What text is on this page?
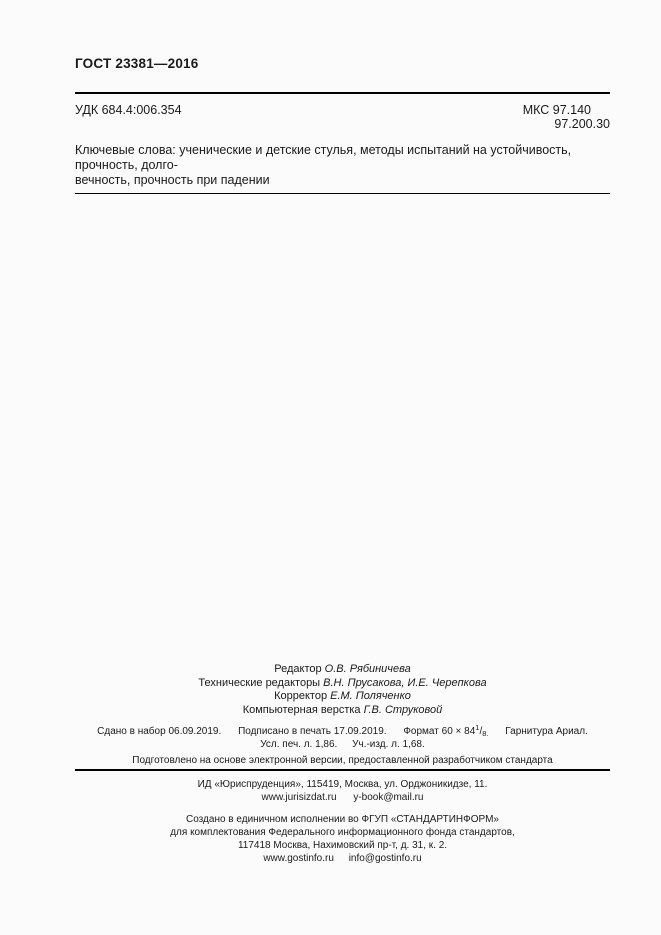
ГОСТ 23381—2016
УДК 684.4:006.354	МКС 97.140
97.200.30
Ключевые слова: ученические и детские стулья, методы испытаний на устойчивость, прочность, долго-
вечность, прочность при падении
Редактор О.В. Рябиничева
Технические редакторы В.Н. Прусакова, И.Е. Черепкова
Корректор Е.М. Поляченко
Компьютерная верстка Г.В. Струковой
Сдано в набор 06.09.2019. Подписано в печать 17.09.2019. Формат $60 \times 84^1/_{8.}$ Гарнитура Ариал.
Усл. печ. л. 1,86. Уч.-изд. л. 1,68.
Подготовлено на основе электронной версии, предоставленной разработчиком стандарта
ИД «Юриспруденция», 115419, Москва, ул. Орджоникидзе, 11.
www.jurisizdat.ru y-book@mail.ru
Создано в единичном исполнении во ФГУП «СТАНДАРТИНФОРМ»
для комплектования Федерального информационного фонда стандартов,
117418 Москва, Нахимовский пр-т, д. 31, к. 2.
www.gostinfo.ru info@gostinfo.ru
